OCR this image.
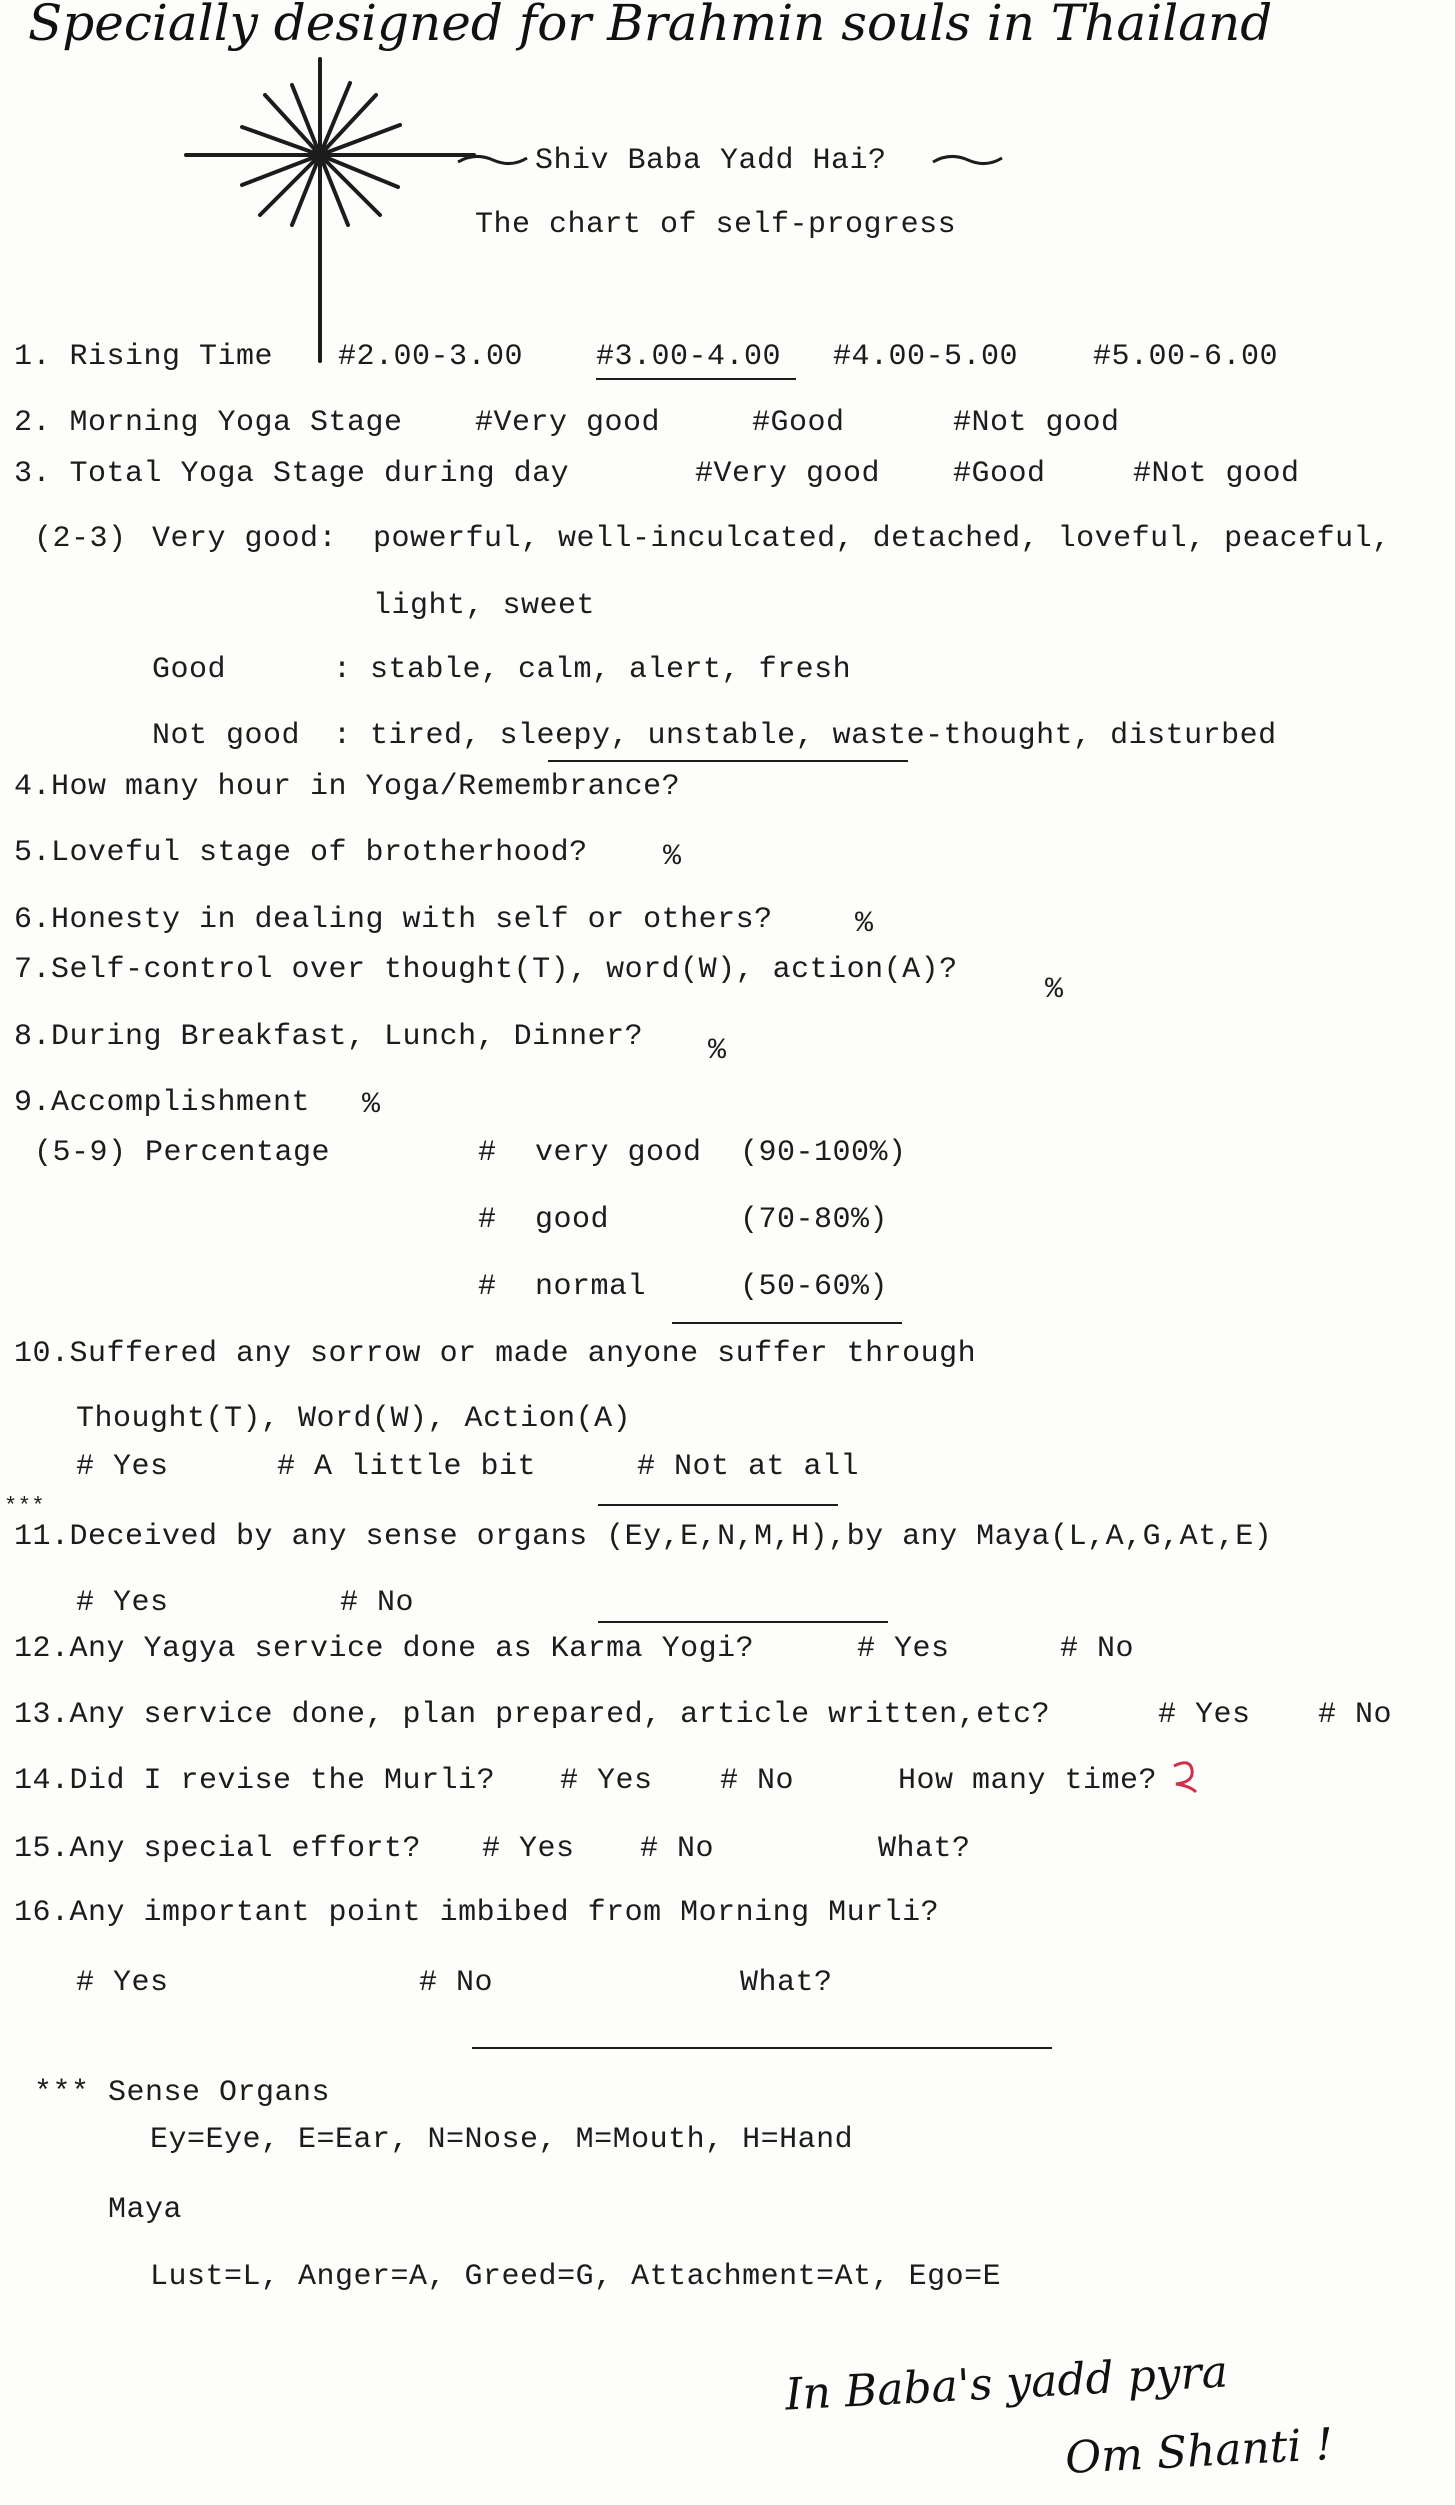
Specially designed for Brahmin souls in Thailand
Shiv Baba Yadd Hai?
The chart of self-progress
1. Rising Time #2.00-3.00 #3.00-4.00 #4.00-5.00 #5.00-6.00
2. Morning Yoga Stage #Very good	#Good	#Not good
3. Total Yoga Stage during day	#Very good #Good	#Not good
(2-3) Very good: powerful, well-inculcated, detached, loveful, peaceful,
light, sweet
Good	: stable, calm, alert, fresh
Not good : tired, sleepy, unstable, waste-thought, disturbed
4.How many hour in Yoga/Remembrance?
5.Loveful stage of brotherhood?	%
6.Honesty in dealing with self or others?	%
7.Self-control over thought(T), word(W), action(A)?
%
8.During Breakfast, Lunch, Dinner? %
9.Accomplishment %
(5-9) Percentage	# very good (90-100%)
# good	(70-80%)
# normal	(50-60%)
10.Suffered any sorrow or made anyone suffer through
Thought(T), Word(W), Action(A)
# Yes	# A little bit	# Not at all
***
11.Deceived by any sense organs (Ey,E,N,M,H),by any Maya(L,A,G,At,E)
# Yes	# No
12.Any Yagya service done as Karma Yogi?	# Yes	# No
13.Any service done, plan prepared, article written,etc?	# Yes # No
14.Did I revise the Murli? # Yes # No	How many time?
15.Any special effort? # Yes # No	What?
16.Any important point imbibed from Morning Murli?
# Yes	# No	What?
*** Sense Organs
Ey=Eye, E=Ear, N=Nose, M=Mouth, H=Hand
Maya
Lust=L, Anger=A, Greed=G, Attachment=At, Ego=E
In Baba's yadd pyra
Om Shanti !
